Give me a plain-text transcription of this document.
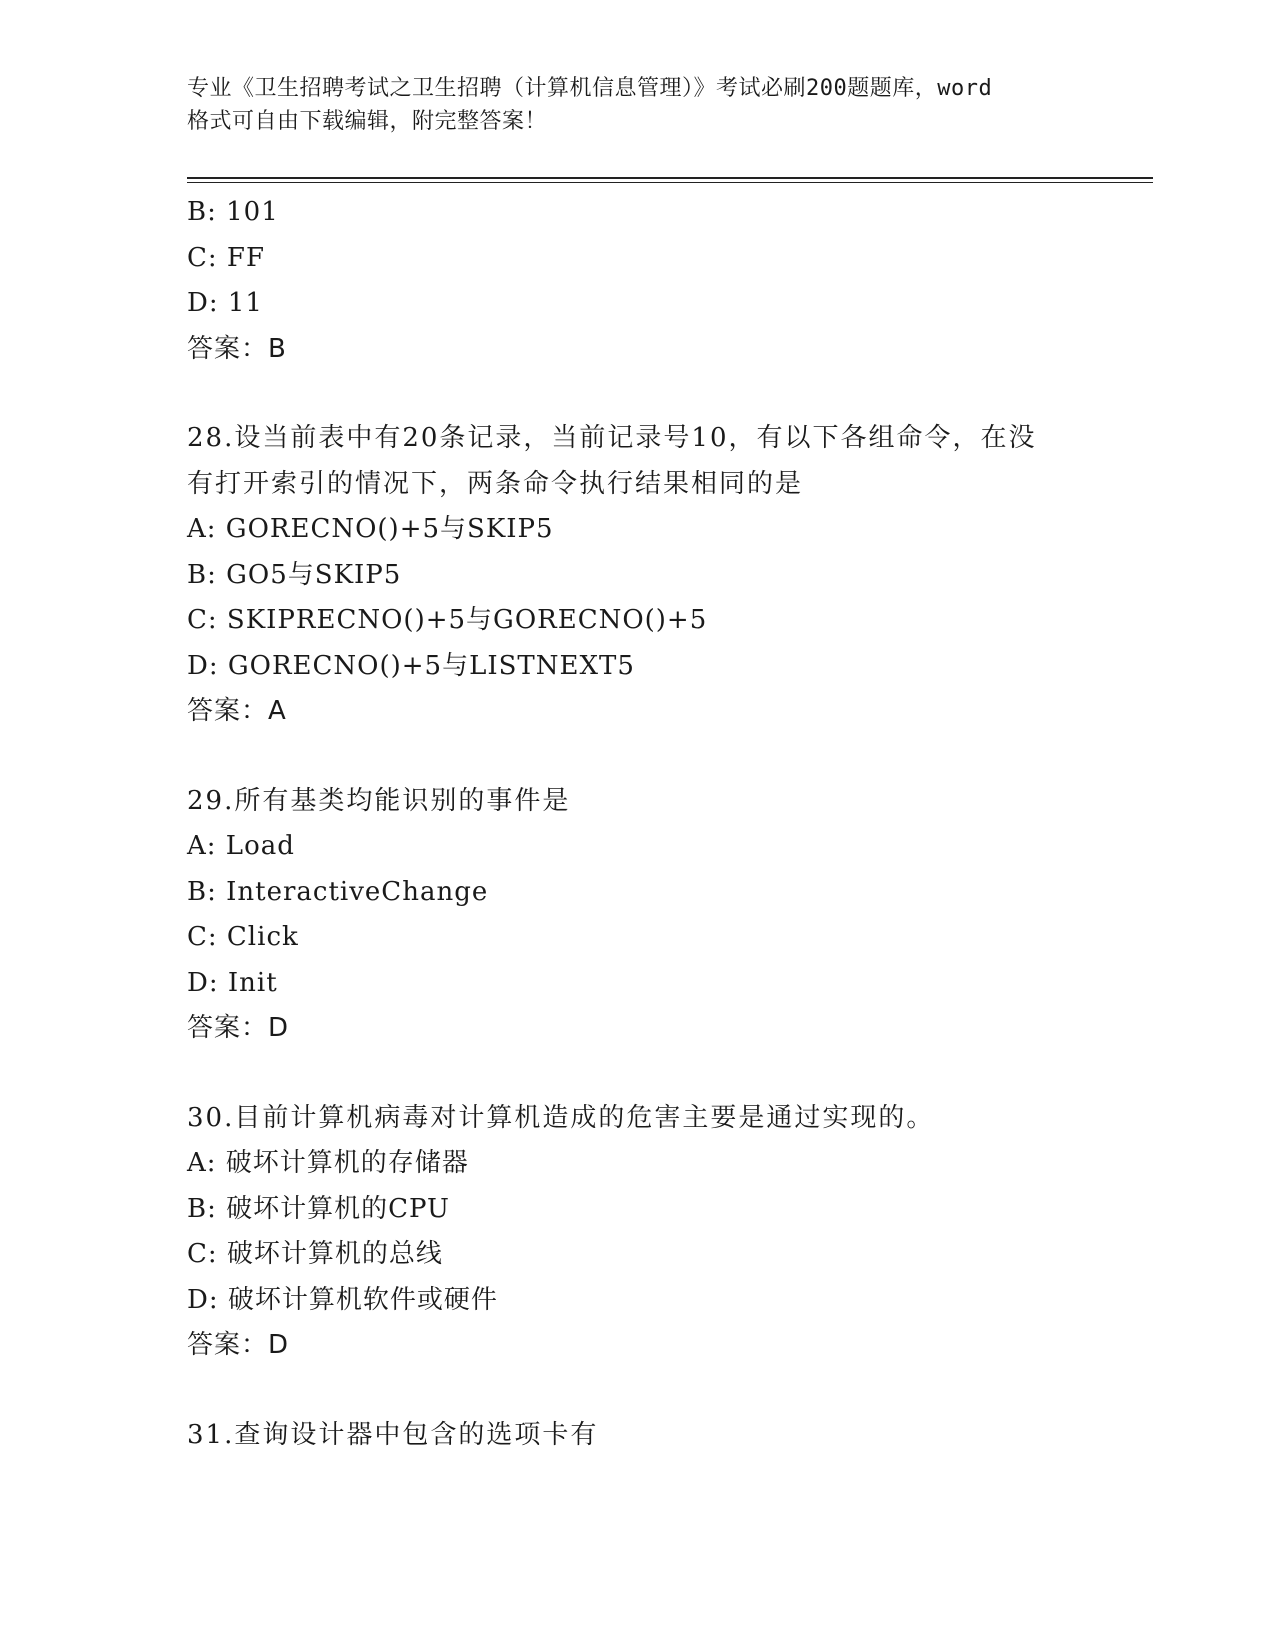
专业《卫生招聘考试之卫生招聘（计算机信息管理）》考试必刷200题题库，word
格式可自由下载编辑，附完整答案！
B: 101
C: FF
D: 11
答案：B
28.设当前表中有20条记录，当前记录号10，有以下各组命令，在没
有打开索引的情况下，两条命令执行结果相同的是
A: GORECNO()+5与SKIP5
B: GO5与SKIP5
C: SKIPRECNO()+5与GORECNO()+5
D: GORECNO()+5与LISTNEXT5
答案：A
29.所有基类均能识别的事件是
A: Load
B: InteractiveChange
C: Click
D: Init
答案：D
30.目前计算机病毒对计算机造成的危害主要是通过实现的。
A: 破坏计算机的存储器
B: 破坏计算机的CPU
C: 破坏计算机的总线
D: 破坏计算机软件或硬件
答案：D
31.查询设计器中包含的选项卡有
